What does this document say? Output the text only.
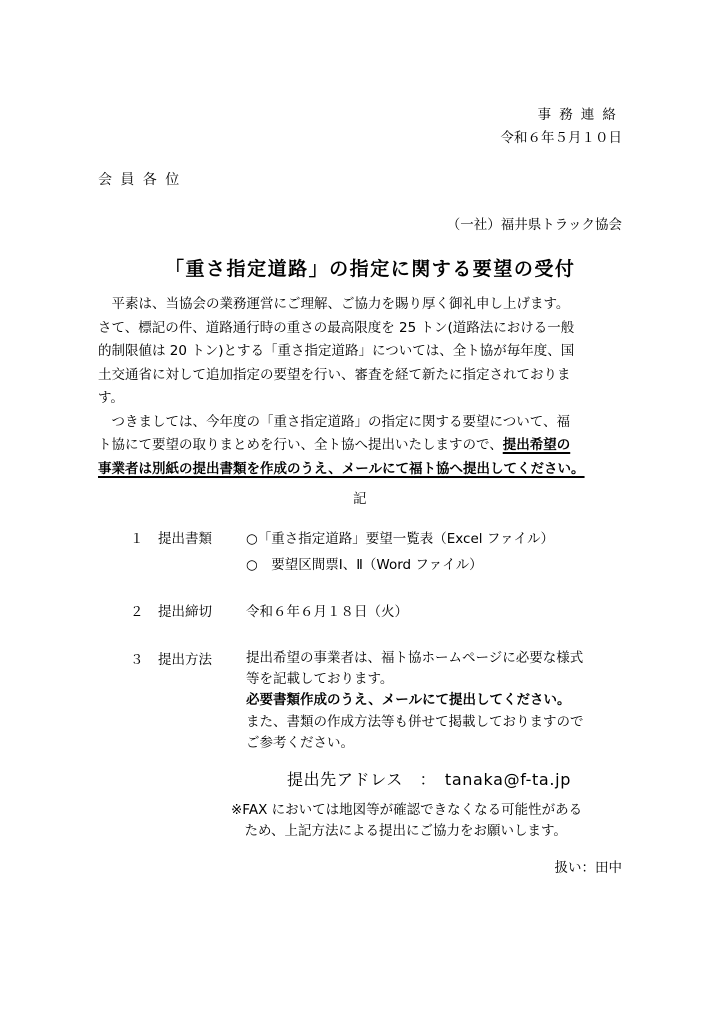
事務連絡
令和６年５月１０日
会員各位
（一社）福井県トラック協会
「重さ指定道路」の指定に関する要望の受付
　平素は、当協会の業務運営にご理解、ご協力を賜り厚く御礼申し上げます。
さて、標記の件、道路通行時の重さの最高限度を 25 トン(道路法における一般
的制限値は 20 トン)とする「重さ指定道路」については、全ト協が毎年度、国
土交通省に対して追加指定の要望を行い、審査を経て新たに指定されておりま
す。
　つきましては、今年度の「重さ指定道路」の指定に関する要望について、福
ト協にて要望の取りまとめを行い、全ト協へ提出いたしますので、提出希望の
事業者は別紙の提出書類を作成のうえ、メールにて福ト協へ提出してください。
記
１ 提出書類	○「重さ指定道路」要望一覧表（Excel ファイル）
○　要望区間票Ⅰ、Ⅱ（Word ファイル）
２ 提出締切	令和６年６月１８日（火）
３ 提出方法	提出希望の事業者は、福ト協ホームページに必要な様式
等を記載しております。
必要書類作成のうえ、メールにて提出してください。
また、書類の作成方法等も併せて掲載しておりますので
ご参考ください。
提出先アドレス　：　tanaka@f-ta.jp
※FAX においては地図等が確認できなくなる可能性がある
　ため、上記方法による提出にご協力をお願いします。
扱い：田中
